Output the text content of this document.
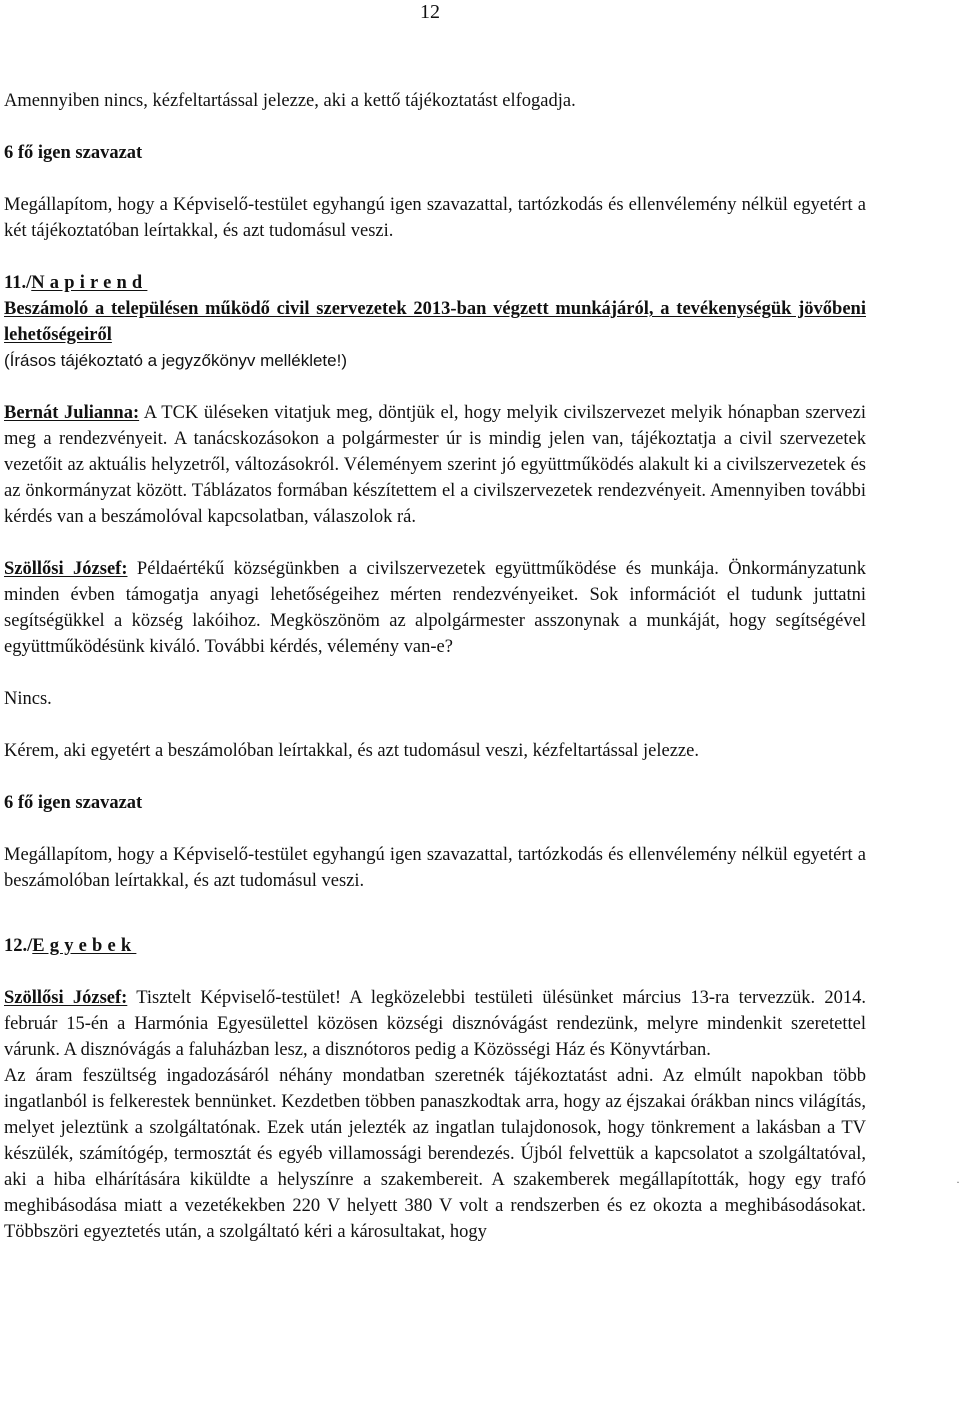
12

Amennyiben nincs, kézfeltartással jelezze, aki a kettő tájékoztatást elfogadja.

6 fő igen szavazat

Megállapítom, hogy a Képviselő-testület egyhangú igen szavazattal, tartózkodás és ellenvélemény nélkül egyetért a két tájékoztatóban leírtakkal, és azt tudomásul veszi.

11./Napirend

Beszámoló a településen működő civil szervezetek 2013-ban végzett munkájáról, a tevékenységük jövőbeni lehetőségeiről

(Írásos tájékoztató a jegyzőkönyv melléklete!)

Bernát Julianna: A TCK üléseken vitatjuk meg, döntjük el, hogy melyik civilszervezet melyik hónapban szervezi meg a rendezvényeit. A tanácskozásokon a polgármester úr is mindig jelen van, tájékoztatja a civil szervezetek vezetőit az aktuális helyzetről, változásokról. Véleményem szerint jó együttműködés alakult ki a civilszervezetek és az önkormányzat között. Táblázatos formában készítettem el a civilszervezetek rendezvényeit. Amennyiben további kérdés van a beszámolóval kapcsolatban, válaszolok rá.

Szöllősi József: Példaértékű községünkben a civilszervezetek együttműködése és munkája. Önkormányzatunk minden évben támogatja anyagi lehetőségeihez mérten rendezvényeiket. Sok információt el tudunk juttatni segítségükkel a község lakóihoz. Megköszönöm az alpolgármester asszonynak a munkáját, hogy segítségével együttműködésünk kiváló. További kérdés, vélemény van-e?

Nincs.

Kérem, aki egyetért a beszámolóban leírtakkal, és azt tudomásul veszi, kézfeltartással jelezze.

6 fő igen szavazat

Megállapítom, hogy a Képviselő-testület egyhangú igen szavazattal, tartózkodás és ellenvélemény nélkül egyetért a beszámolóban leírtakkal, és azt tudomásul veszi.

12./Egyebek

Szöllősi József: Tisztelt Képviselő-testület! A legközelebbi testületi ülésünket március 13-ra tervezzük. 2014. február 15-én a Harmónia Egyesülettel közösen községi disznóvágást rendezünk, melyre mindenkit szeretettel várunk. A disznóvágás a faluházban lesz, a disznótoros pedig a Közösségi Ház és Könyvtárban.

Az áram feszültség ingadozásáról néhány mondatban szeretnék tájékoztatást adni. Az elmúlt napokban több ingatlanból is felkerestek bennünket. Kezdetben többen panaszkodtak arra, hogy az éjszakai órákban nincs világítás, melyet jeleztünk a szolgáltatónak. Ezek után jelezték az ingatlan tulajdonosok, hogy tönkrement a lakásban a TV készülék, számítógép, termosztát és egyéb villamossági berendezés. Újból felvettük a kapcsolatot a szolgáltatóval, aki a hiba elhárítására kiküldte a helyszínre a szakembereit. A szakemberek megállapították, hogy egy trafó meghibásodása miatt a vezetékekben 220 V helyett 380 V volt a rendszerben és ez okozta a meghibásodásokat. Többszöri egyeztetés után, a szolgáltató kéri a károsultakat, hogy

·
